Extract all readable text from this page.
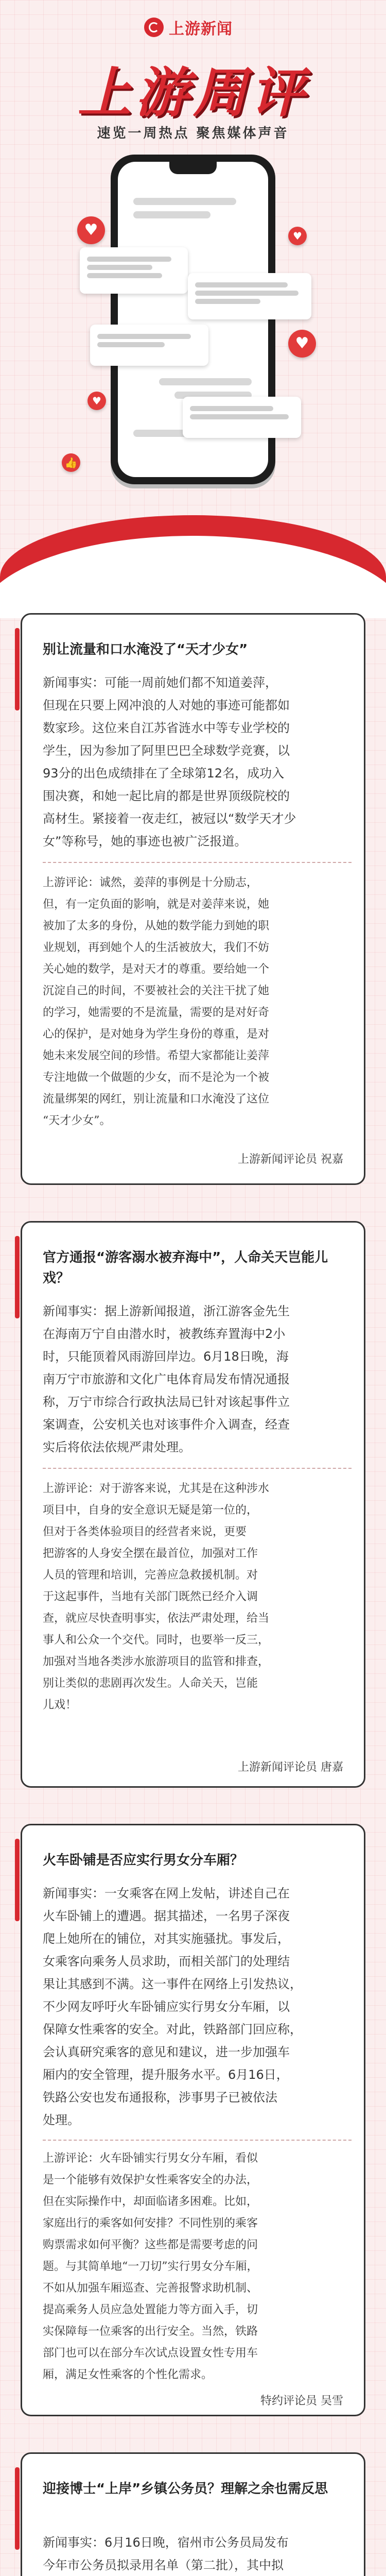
上游新闻
上游周评
速览一周热点 聚焦媒体声音
♥	♥
♥
♥
👍
别让流量和口水淹没了“天才少女”
新闻事实：可能一周前她们都不知道姜萍，
但现在只要上网冲浪的人对她的事迹可能都如
数家珍。这位来自江苏省涟水中等专业学校的
学生，因为参加了阿里巴巴全球数学竞赛，以
93分的出色成绩排在了全球第12名，成功入
围决赛，和她一起比肩的都是世界顶级院校的
高材生。紧接着一夜走红，被冠以“数学天才少
女”等称号，她的事迹也被广泛报道。
上游评论：诚然，姜萍的事例是十分励志，
但，有一定负面的影响，就是对姜萍来说，她
被加了太多的身份，从她的数学能力到她的职
业规划，再到她个人的生活被放大，我们不妨
关心她的数学，是对天才的尊重。要给她一个
沉淀自己的时间，不要被社会的关注干扰了她
的学习，她需要的不是流量，需要的是对好奇
心的保护，是对她身为学生身份的尊重，是对
她未来发展空间的珍惜。希望大家都能让姜萍
专注地做一个做题的少女，而不是沦为一个被
流量绑架的网红，别让流量和口水淹没了这位
“天才少女”。
上游新闻评论员 祝嘉
官方通报“游客溺水被弃海中”，人命关天岂能儿戏？
新闻事实：据上游新闻报道，浙江游客金先生
在海南万宁自由潜水时，被教练弃置海中2小
时，只能顶着风雨游回岸边。6月18日晚，海
南万宁市旅游和文化广电体育局发布情况通报
称，万宁市综合行政执法局已针对该起事件立
案调查，公安机关也对该事件介入调查，经查
实后将依法依规严肃处理。
上游评论：对于游客来说，尤其是在这种涉水
项目中，自身的安全意识无疑是第一位的，
但对于各类体验项目的经营者来说，更要
把游客的人身安全摆在最首位，加强对工作
人员的管理和培训，完善应急救援机制。对
于这起事件，当地有关部门既然已经介入调
查，就应尽快查明事实，依法严肃处理，给当
事人和公众一个交代。同时，也要举一反三，
加强对当地各类涉水旅游项目的监管和排查，
别让类似的悲剧再次发生。人命关天，岂能
儿戏！
上游新闻评论员 唐嘉
火车卧铺是否应实行男女分车厢？
新闻事实：一女乘客在网上发帖，讲述自己在
火车卧铺上的遭遇。据其描述，一名男子深夜
爬上她所在的铺位，对其实施骚扰。事发后，
女乘客向乘务人员求助，而相关部门的处理结
果让其感到不满。这一事件在网络上引发热议，
不少网友呼吁火车卧铺应实行男女分车厢，以
保障女性乘客的安全。对此，铁路部门回应称，
会认真研究乘客的意见和建议，进一步加强车
厢内的安全管理，提升服务水平。6月16日，
铁路公安也发布通报称，涉事男子已被依法
处理。
上游评论：火车卧铺实行男女分车厢，看似
是一个能够有效保护女性乘客安全的办法，
但在实际操作中，却面临诸多困难。比如，
家庭出行的乘客如何安排？不同性别的乘客
购票需求如何平衡？这些都是需要考虑的问
题。与其简单地“一刀切”实行男女分车厢，
不如从加强车厢巡查、完善报警求助机制、
提高乘务人员应急处置能力等方面入手，切
实保障每一位乘客的出行安全。当然，铁路
部门也可以在部分车次试点设置女性专用车
厢，满足女性乘客的个性化需求。
特约评论员 吴雪
迎接博士“上岸”乡镇公务员？理解之余也需反思
新闻事实：6月16日晚，宿州市公务员局发布
今年市公务员拟录用名单（第二批），其中拟
